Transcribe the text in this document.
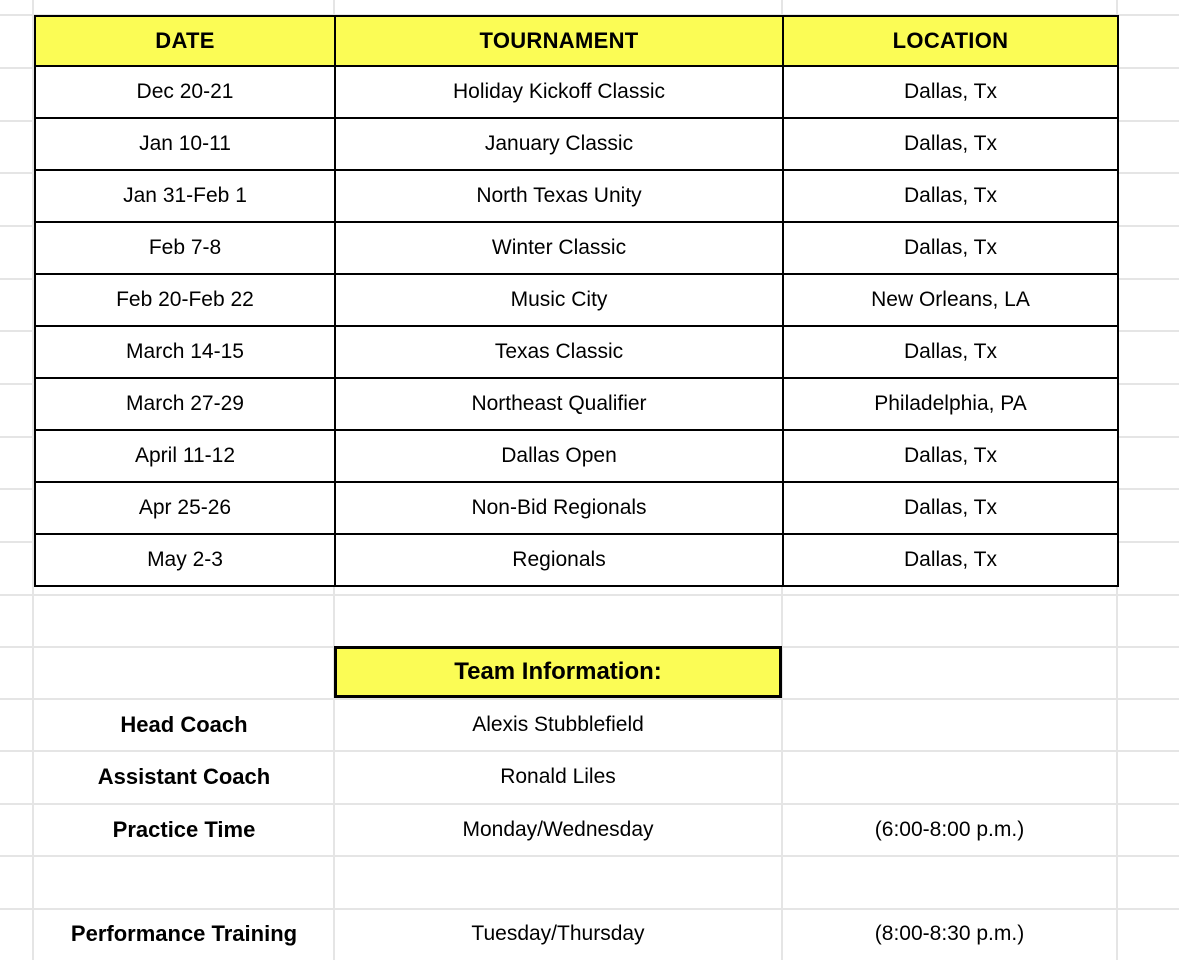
DATE	TOURNAMENT	LOCATION
Dec 20-21	Holiday Kickoff Classic	Dallas, Tx
Jan 10-11	January Classic	Dallas, Tx
Jan 31-Feb 1	North Texas Unity	Dallas, Tx
Feb 7-8	Winter Classic	Dallas, Tx
Feb 20-Feb 22	Music City	New Orleans, LA
March 14-15	Texas Classic	Dallas, Tx
March 27-29	Northeast Qualifier	Philadelphia, PA
April 11-12	Dallas Open	Dallas, Tx
Apr 25-26	Non-Bid Regionals	Dallas, Tx
May 2-3	Regionals	Dallas, Tx
Team Information:
Head Coach	Alexis Stubblefield
Assistant Coach	Ronald Liles
Practice Time	Monday/Wednesday	(6:00-8:00 p.m.)
Performance Training	Tuesday/Thursday	(8:00-8:30 p.m.)
